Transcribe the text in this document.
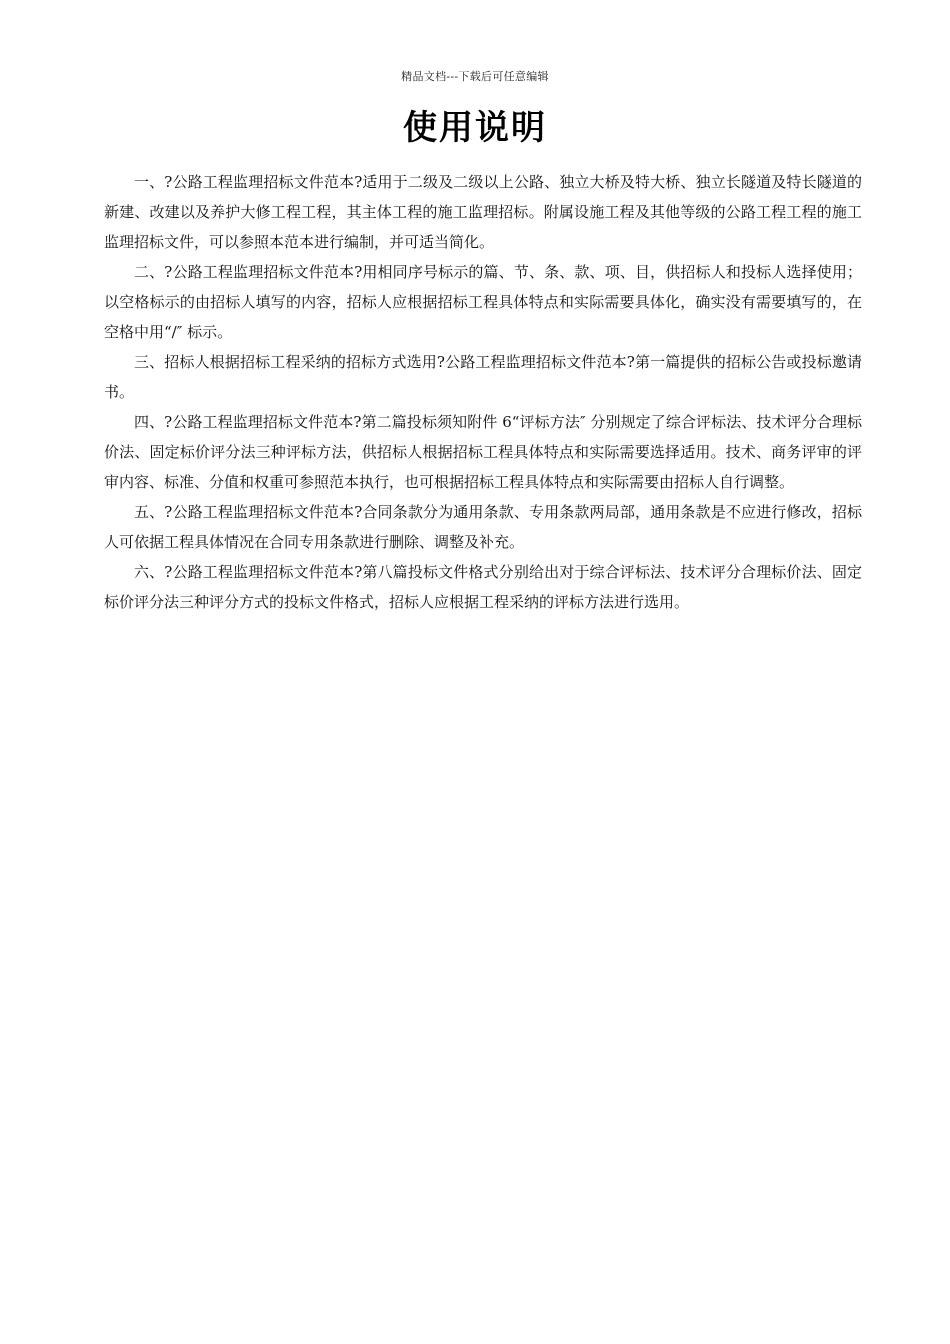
精品文档---下载后可任意编辑
使用说明

一、?公路工程监理招标文件范本?适用于二级及二级以上公路、独立大桥及特大桥、独立长隧道及特长隧道的新建、改建以及养护大修工程工程，其主体工程的施工监理招标。附属设施工程及其他等级的公路工程工程的施工监理招标文件，可以参照本范本进行编制，并可适当简化。

二、?公路工程监理招标文件范本?用相同序号标示的篇、节、条、款、项、目，供招标人和投标人选择使用；以空格标示的由招标人填写的内容，招标人应根据招标工程具体特点和实际需要具体化，确实没有需要填写的，在空格中用“/″ 标示。

三、招标人根据招标工程采纳的招标方式选用?公路工程监理招标文件范本?第一篇提供的招标公告或投标邀请书。

四、?公路工程监理招标文件范本?第二篇投标须知附件 6“评标方法″ 分别规定了综合评标法、技术评分合理标价法、固定标价评分法三种评标方法，供招标人根据招标工程具体特点和实际需要选择适用。技术、商务评审的评审内容、标准、分值和权重可参照范本执行，也可根据招标工程具体特点和实际需要由招标人自行调整。

五、?公路工程监理招标文件范本?合同条款分为通用条款、专用条款两局部，通用条款是不应进行修改，招标人可依据工程具体情况在合同专用条款进行删除、调整及补充。

六、?公路工程监理招标文件范本?第八篇投标文件格式分别给出对于综合评标法、技术评分合理标价法、固定标价评分法三种评分方式的投标文件格式，招标人应根据工程采纳的评标方法进行选用。
